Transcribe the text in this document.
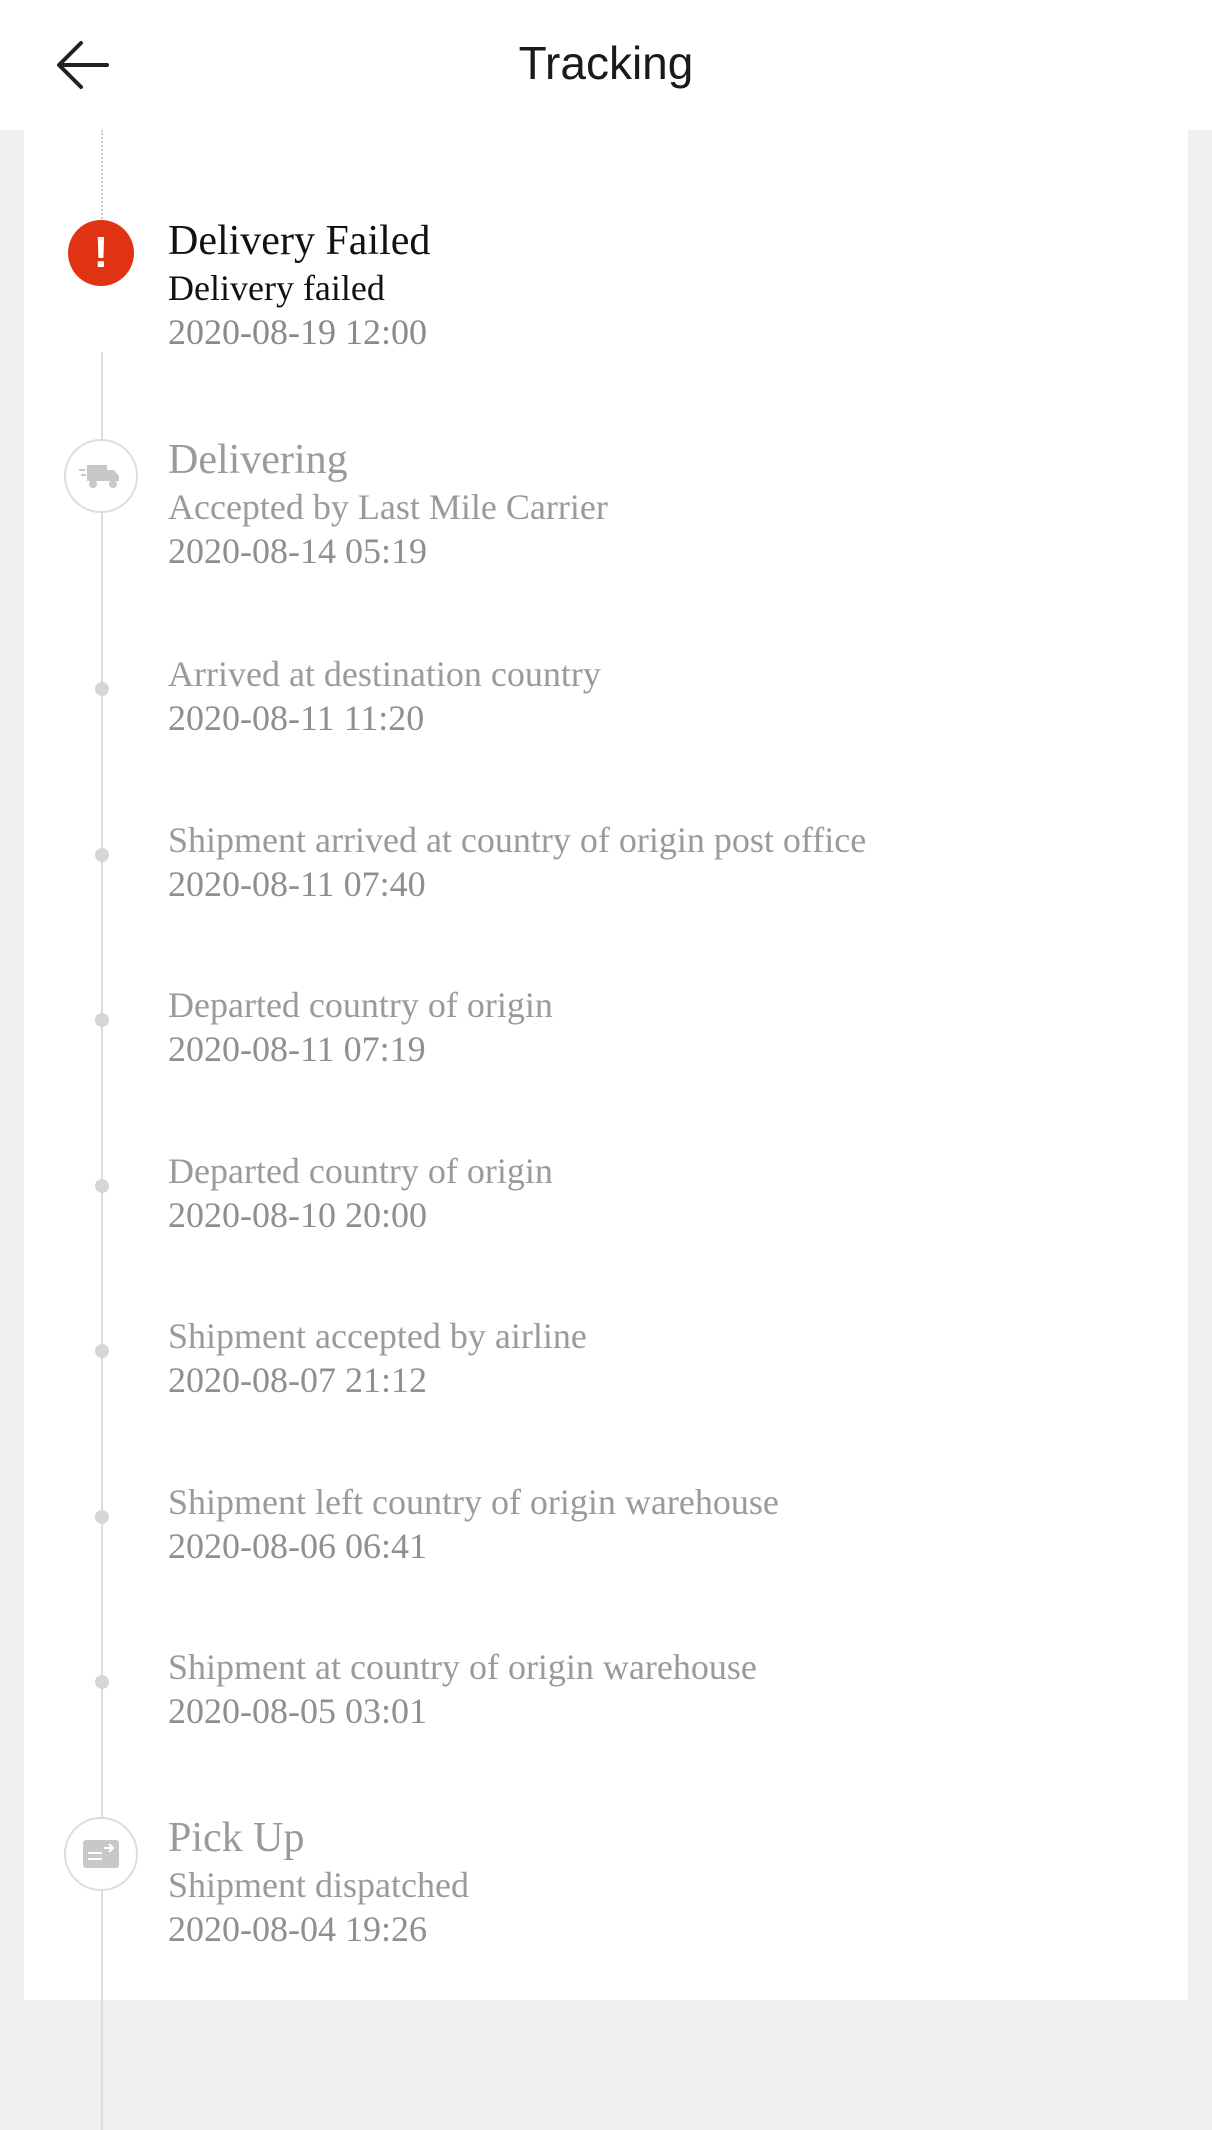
Tracking
!	Delivery Failed
Delivery failed
2020-08-19 12:00
Delivering
Accepted by Last Mile Carrier
2020-08-14 05:19
Arrived at destination country
2020-08-11 11:20
Shipment arrived at country of origin post office
2020-08-11 07:40
Departed country of origin
2020-08-11 07:19
Departed country of origin
2020-08-10 20:00
Shipment accepted by airline
2020-08-07 21:12
Shipment left country of origin warehouse
2020-08-06 06:41
Shipment at country of origin warehouse
2020-08-05 03:01
Pick Up
Shipment dispatched
2020-08-04 19:26
